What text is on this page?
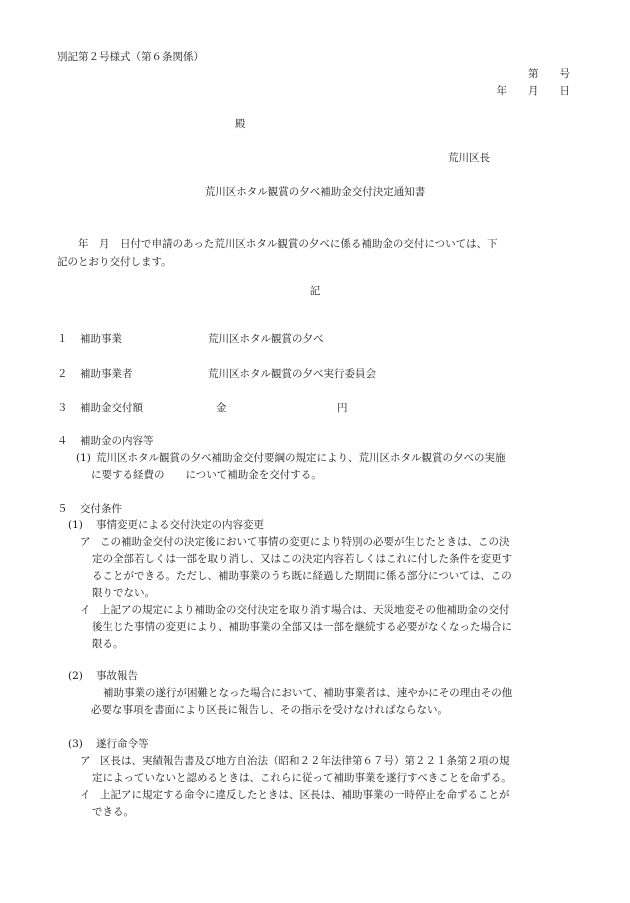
別記第２号様式（第６条関係）
第　　号
年　　月　　日
殿
荒川区長
荒川区ホタル観賞の夕べ補助金交付決定通知書
　　年　月　日付で申請のあった荒川区ホタル観賞の夕べに係る補助金の交付については、下
記のとおり交付します。
記
１ 補助事業	荒川区ホタル観賞の夕べ
２ 補助事業者	荒川区ホタル観賞の夕べ実行委員会
３ 補助金交付額	金	円
４ 補助金の内容等
(1) 荒川区ホタル観賞の夕べ補助金交付要綱の規定により、荒川区ホタル観賞の夕べの実施
に要する経費の　　について補助金を交付する。
５ 交付条件
(1) 事情変更による交付決定の内容変更
ア この補助金交付の決定後において事情の変更により特別の必要が生じたときは、この決
定の全部若しくは一部を取り消し、又はこの決定内容若しくはこれに付した条件を変更す
ることができる。ただし、補助事業のうち既に経過した期間に係る部分については、この
限りでない。
イ 上記アの規定により補助金の交付決定を取り消す場合は、天災地変その他補助金の交付
後生じた事情の変更により、補助事業の全部又は一部を継続する必要がなくなった場合に
限る。
(2) 事故報告
補助事業の遂行が困難となった場合において、補助事業者は、速やかにその理由その他
必要な事項を書面により区長に報告し、その指示を受けなければならない。
(3) 遂行命令等
ア 区長は、実績報告書及び地方自治法（昭和２２年法律第６７号）第２２１条第２項の規
定によっていないと認めるときは、これらに従って補助事業を遂行すべきことを命ずる。
イ 上記アに規定する命令に違反したときは、区長は、補助事業の一時停止を命ずることが
できる。
